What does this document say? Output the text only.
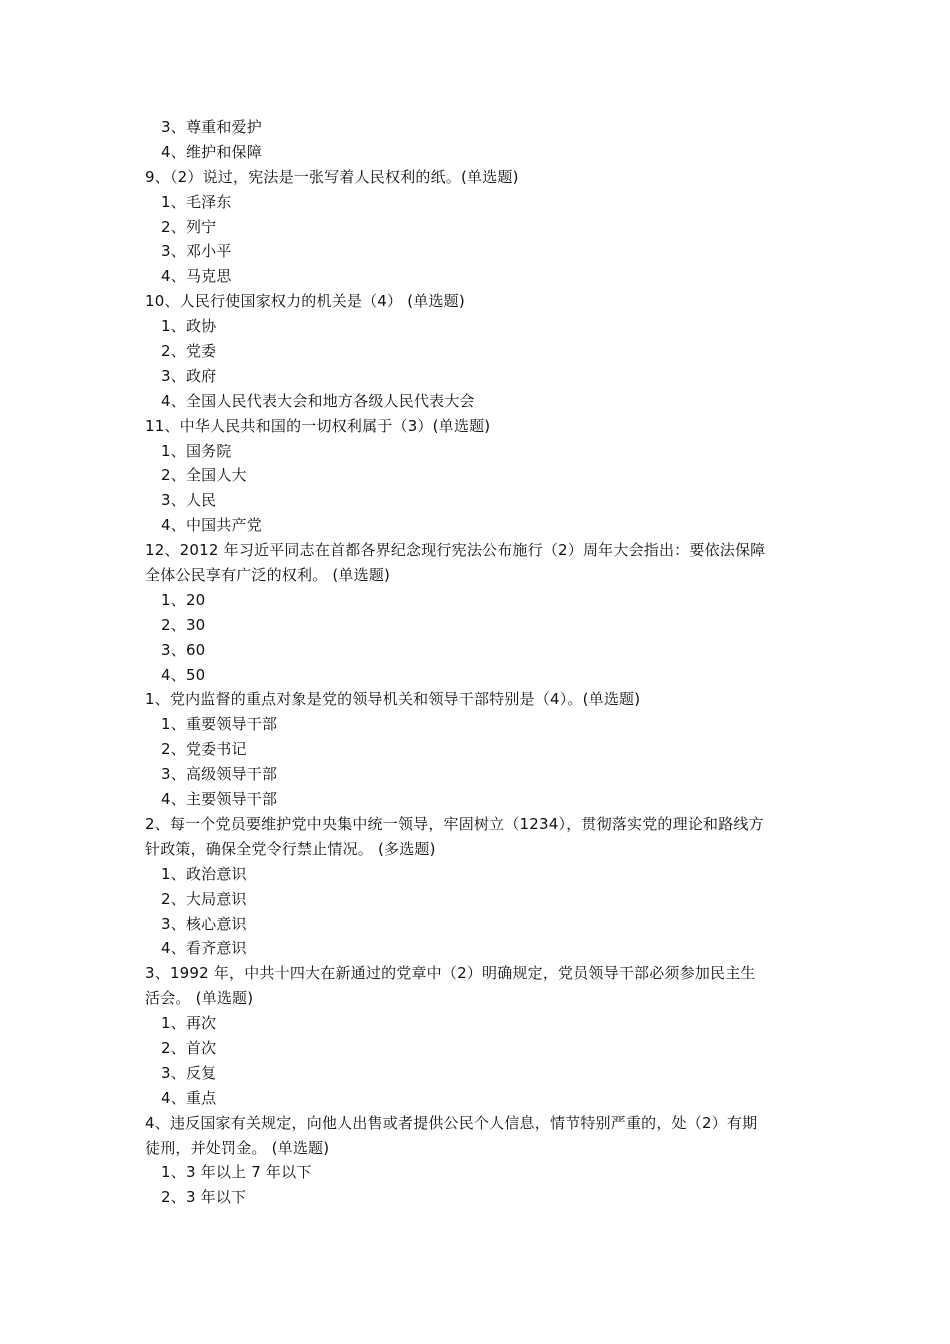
3、尊重和爱护
4、维护和保障
9、（2）说过，宪法是一张写着人民权利的纸。(单选题)
1、毛泽东
2、列宁
3、邓小平
4、马克思
10、人民行使国家权力的机关是（4） (单选题)
1、政协
2、党委
3、政府
4、全国人民代表大会和地方各级人民代表大会
11、中华人民共和国的一切权利属于（3）(单选题)
1、国务院
2、全国人大
3、人民
4、中国共产党
12、2012 年习近平同志在首都各界纪念现行宪法公布施行（2）周年大会指出：要依法保障
全体公民享有广泛的权利。 (单选题)
1、20
2、30
3、60
4、50
1、党内监督的重点对象是党的领导机关和领导干部特别是（4）。(单选题)
1、重要领导干部
2、党委书记
3、高级领导干部
4、主要领导干部
2、每一个党员要维护党中央集中统一领导，牢固树立（1234），贯彻落实党的理论和路线方
针政策，确保全党令行禁止情况。 (多选题)
1、政治意识
2、大局意识
3、核心意识
4、看齐意识
3、1992 年，中共十四大在新通过的党章中（2）明确规定，党员领导干部必须参加民主生
活会。 (单选题)
1、再次
2、首次
3、反复
4、重点
4、违反国家有关规定，向他人出售或者提供公民个人信息，情节特别严重的，处（2）有期
徒刑，并处罚金。 (单选题)
1、3 年以上 7 年以下
2、3 年以下
